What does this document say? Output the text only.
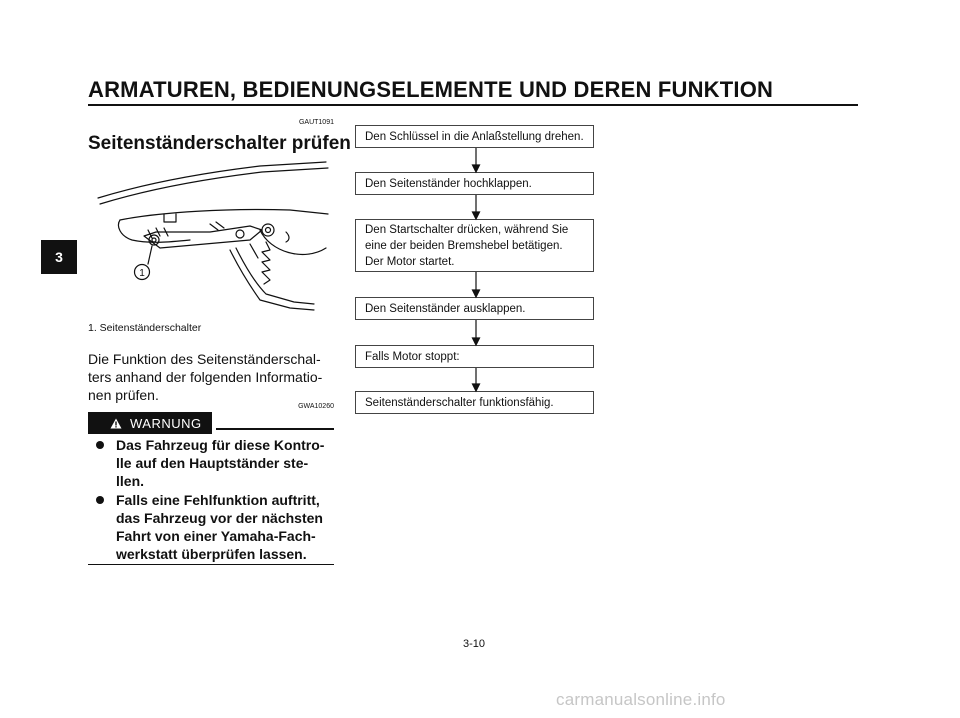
ARMATUREN, BEDIENUNGSELEMENTE UND DEREN FUNKTION
3
GAUT1091
Seitenständerschalter prüfen
1
1. Seitenständerschalter
Die Funktion des Seitenständerschal-
ters anhand der folgenden Informatio-
nen prüfen.
GWA10260
WARNUNG
Das Fahrzeug für diese Kontro-
lle auf den Hauptständer ste-
llen.
Falls eine Fehlfunktion auftritt,
das Fahrzeug vor der nächsten
Fahrt von einer Yamaha-Fach-
werkstatt überprüfen lassen.
Den Schlüssel in die Anlaßstellung drehen.
Den Seitenständer hochklappen.
Den Startschalter drücken, während Sie
eine der beiden Bremshebel betätigen.
Der Motor startet.
Den Seitenständer ausklappen.
Falls Motor stoppt:
Seitenständerschalter funktionsfähig.
3-10
carmanualsonline.info
